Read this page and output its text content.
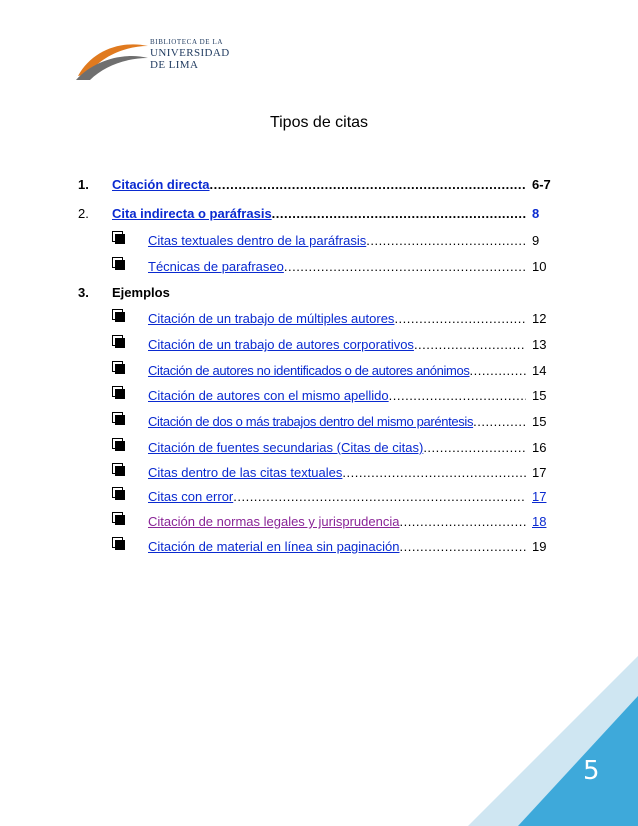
BIBLIOTECA DE LA
UNIVERSIDAD
DE LIMA
Tipos de citas
1.	Citación directa .....	6-7
2.	Cita indirecta o paráfrasis .....	8
Citas textuales dentro de la paráfrasis .....	9
Técnicas de parafraseo .....	10
3.	Ejemplos
Citación de un trabajo de múltiples autores .....	12
Citación de un trabajo de autores corporativos .....	13
Citación de autores no identificados o de autores anónimos .....	14
Citación de autores con el mismo apellido .....	15
Citación de dos o más trabajos dentro del mismo paréntesis .....	15
Citación de fuentes secundarias (Citas de citas) .....	16
Citas dentro de las citas textuales .....	17
Citas con error .....	17
Citación de normas legales y jurisprudencia .....	18
Citación de material en línea sin paginación .....	19
5
